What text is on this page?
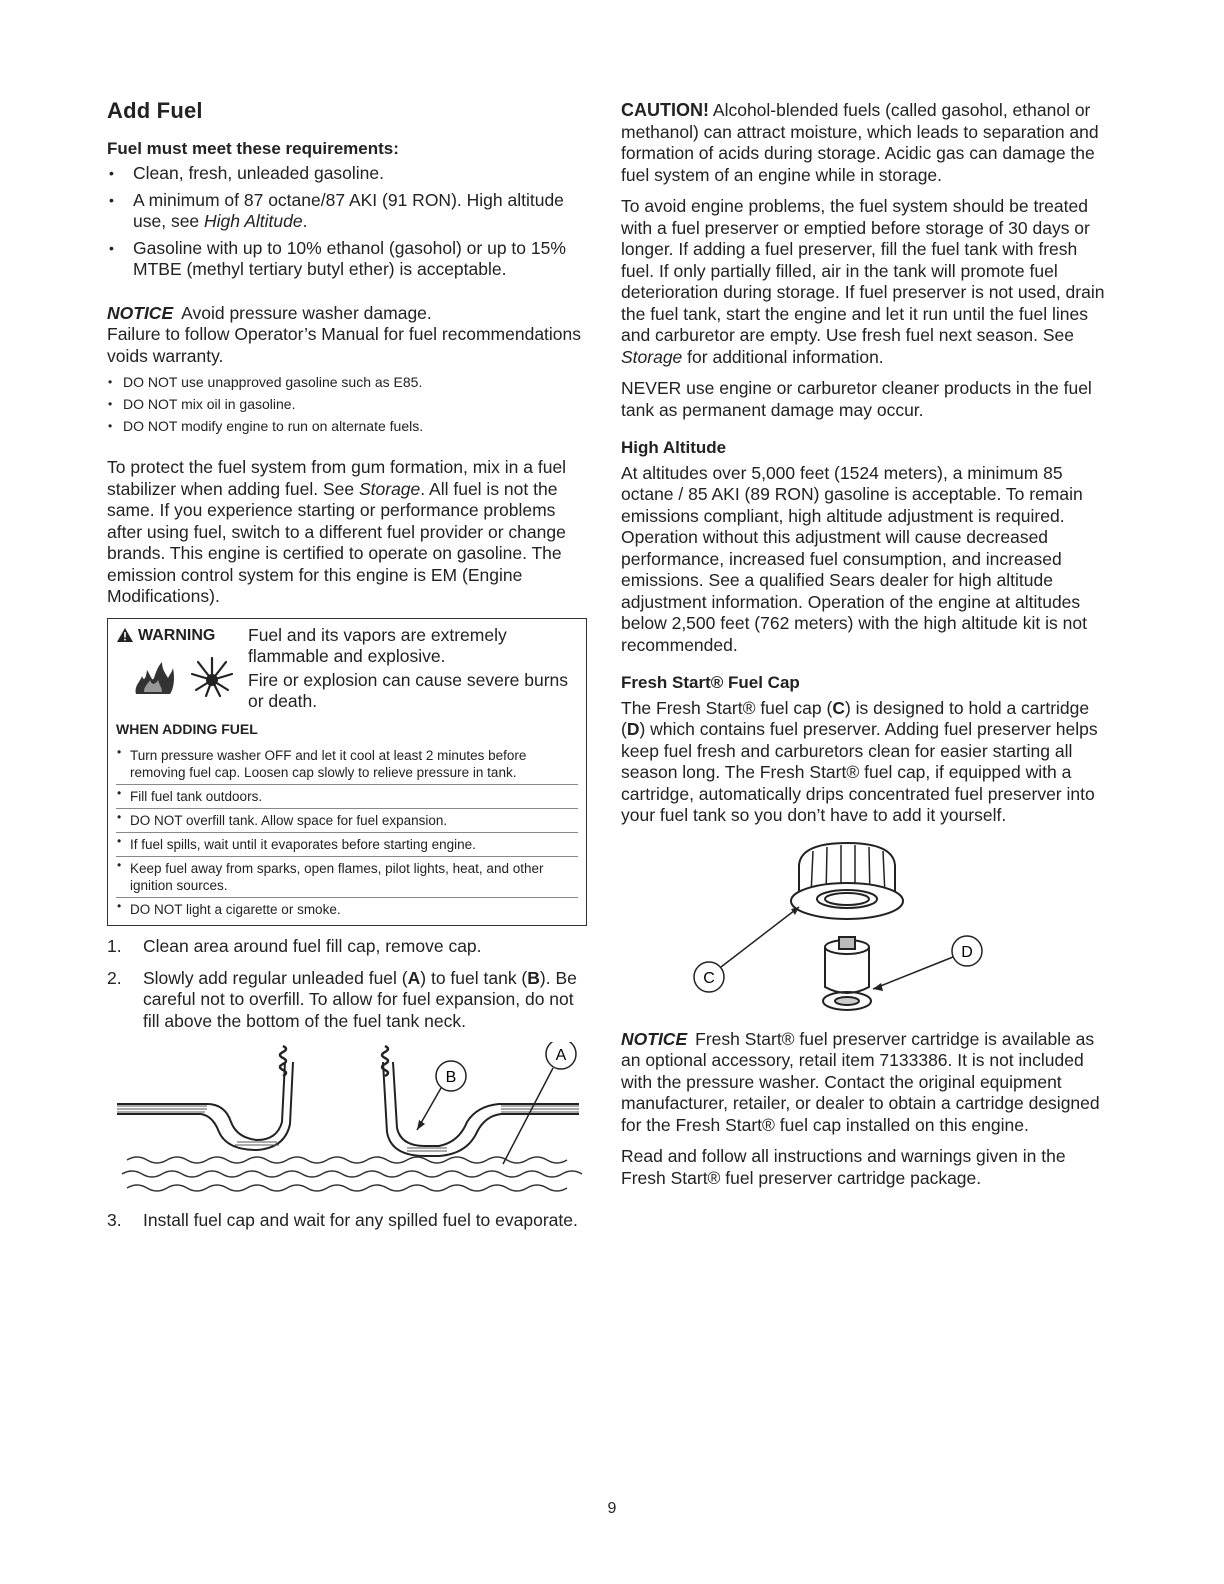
Add Fuel
Fuel must meet these requirements:
• Clean, fresh, unleaded gasoline.
• A minimum of 87 octane/87 AKI (91 RON). High altitude use, see High Altitude.
• Gasoline with up to 10% ethanol (gasohol) or up to 15% MTBE (methyl tertiary butyl ether) is acceptable.
NOTICE Avoid pressure washer damage.
Failure to follow Operator’s Manual for fuel recommendations voids warranty.
• DO NOT use unapproved gasoline such as E85.
• DO NOT mix oil in gasoline.
• DO NOT modify engine to run on alternate fuels.

To protect the fuel system from gum formation, mix in a fuel stabilizer when adding fuel. See Storage. All fuel is not the same. If you experience starting or performance problems after using fuel, switch to a different fuel provider or change brands. This engine is certified to operate on gasoline. The emission control system for this engine is EM (Engine Modifications).

WARNING Fuel and its vapors are extremely flammable and explosive.
Fire or explosion can cause severe burns or death.
WHEN ADDING FUEL
• Turn pressure washer OFF and let it cool at least 2 minutes before removing fuel cap. Loosen cap slowly to relieve pressure in tank.
• Fill fuel tank outdoors.
• DO NOT overfill tank. Allow space for fuel expansion.
• If fuel spills, wait until it evaporates before starting engine.
• Keep fuel away from sparks, open flames, pilot lights, heat, and other ignition sources.
• DO NOT light a cigarette or smoke.
1. Clean area around fuel fill cap, remove cap.
2. Slowly add regular unleaded fuel (A) to fuel tank (B). Be careful not to overfill. To allow for fuel expansion, do not fill above the bottom of the fuel tank neck.
B
A
3. Install fuel cap and wait for any spilled fuel to evaporate.

CAUTION! Alcohol-blended fuels (called gasohol, ethanol or methanol) can attract moisture, which leads to separation and formation of acids during storage. Acidic gas can damage the fuel system of an engine while in storage.

To avoid engine problems, the fuel system should be treated with a fuel preserver or emptied before storage of 30 days or longer. If adding a fuel preserver, fill the fuel tank with fresh fuel. If only partially filled, air in the tank will promote fuel deterioration during storage. If fuel preserver is not used, drain the fuel tank, start the engine and let it run until the fuel lines and carburetor are empty. Use fresh fuel next season. See Storage for additional information.

NEVER use engine or carburetor cleaner products in the fuel tank as permanent damage may occur.

High Altitude

At altitudes over 5,000 feet (1524 meters), a minimum 85 octane / 85 AKI (89 RON) gasoline is acceptable. To remain emissions compliant, high altitude adjustment is required. Operation without this adjustment will cause decreased performance, increased fuel consumption, and increased emissions. See a qualified Sears dealer for high altitude adjustment information. Operation of the engine at altitudes below 2,500 feet (762 meters) with the high altitude kit is not recommended.

Fresh Start® Fuel Cap

The Fresh Start® fuel cap (C) is designed to hold a cartridge (D) which contains fuel preserver. Adding fuel preserver helps keep fuel fresh and carburetors clean for easier starting all season long. The Fresh Start® fuel cap, if equipped with a cartridge, automatically drips concentrated fuel preserver into your fuel tank so you don’t have to add it yourself.

C
D

NOTICE Fresh Start® fuel preserver cartridge is available as an optional accessory, retail item 7133386. It is not included with the pressure washer. Contact the original equipment manufacturer, retailer, or dealer to obtain a cartridge designed for the Fresh Start® fuel cap installed on this engine.

Read and follow all instructions and warnings given in the Fresh Start® fuel preserver cartridge package.

9
